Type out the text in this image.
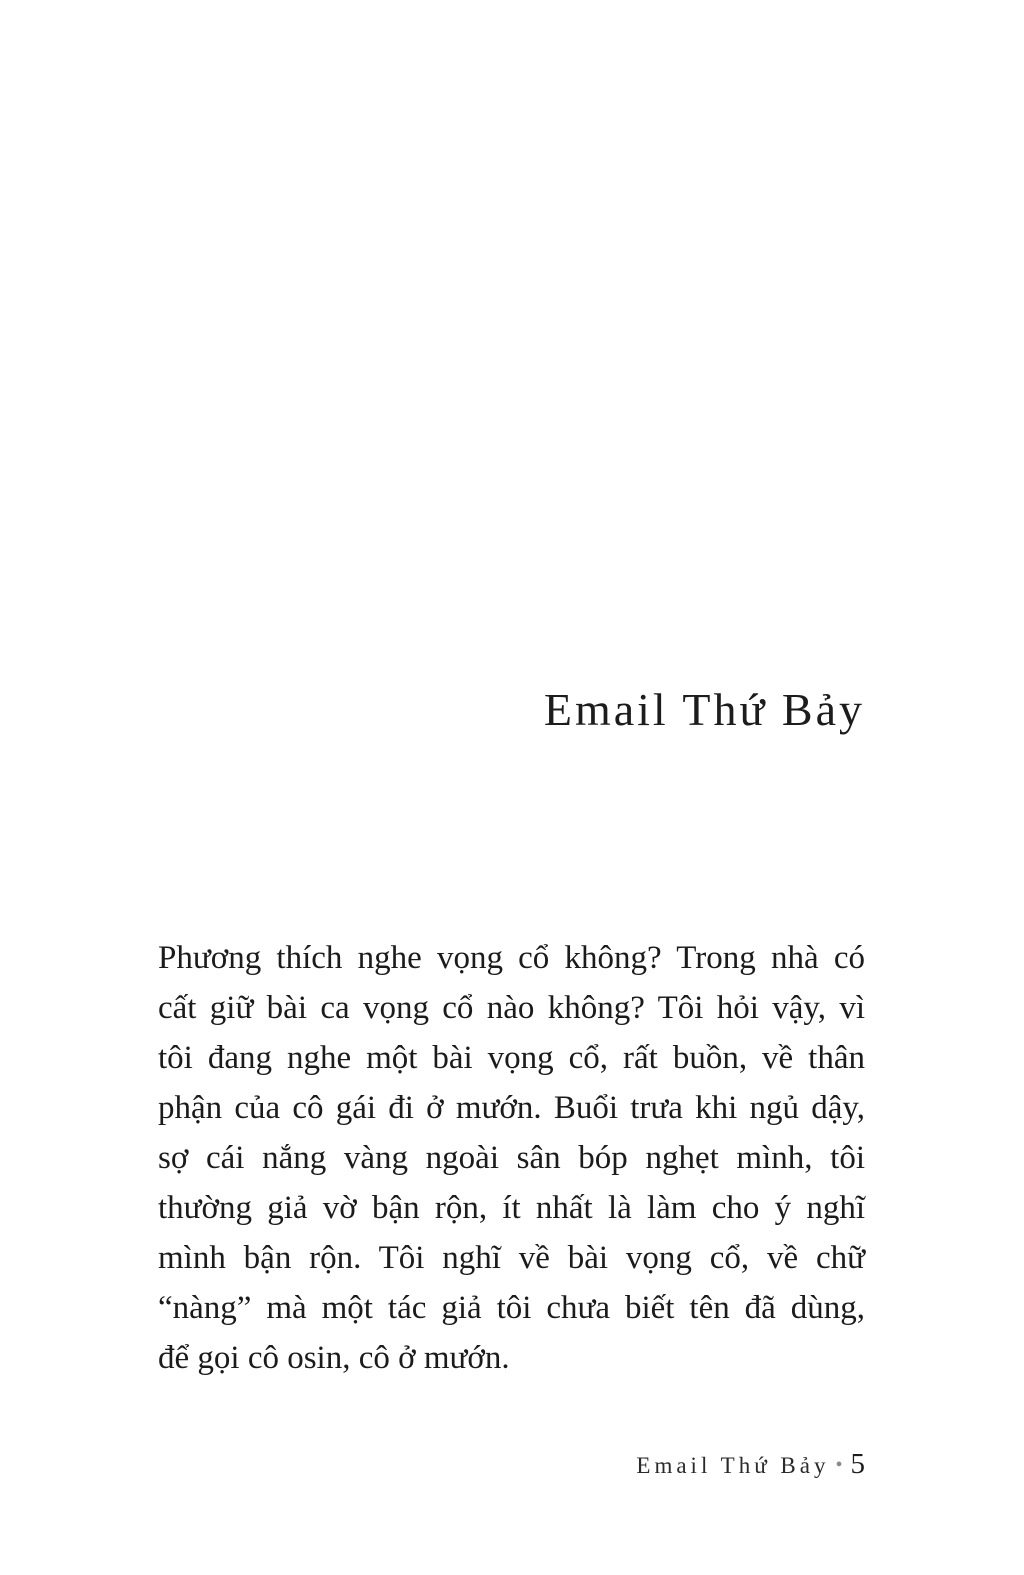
Email Thứ Bảy
Phương thích nghe vọng cổ không? Trong nhà có
cất giữ bài ca vọng cổ nào không? Tôi hỏi vậy, vì
tôi đang nghe một bài vọng cổ, rất buồn, về thân
phận của cô gái đi ở mướn. Buổi trưa khi ngủ dậy,
sợ cái nắng vàng ngoài sân bóp nghẹt mình, tôi
thường giả vờ bận rộn, ít nhất là làm cho ý nghĩ
mình bận rộn. Tôi nghĩ về bài vọng cổ, về chữ
“nàng” mà một tác giả tôi chưa biết tên đã dùng,
để gọi cô osin, cô ở mướn.
Email Thứ Bảy • 5
